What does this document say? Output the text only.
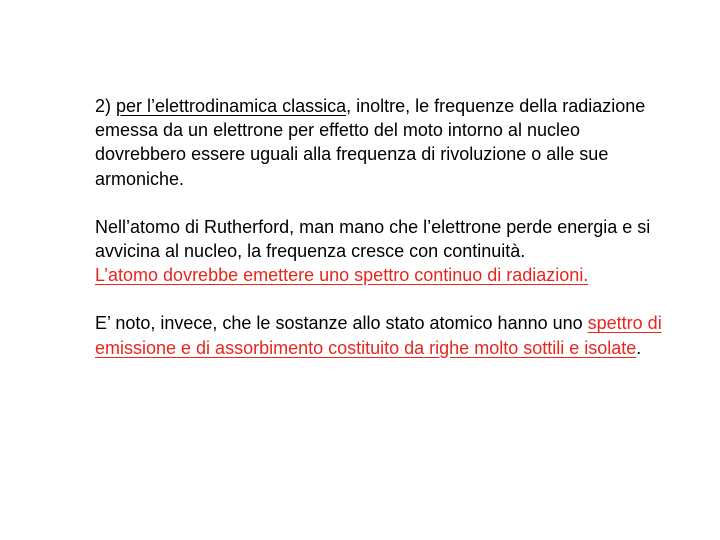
2) per l’elettrodinamica classica, inoltre, le frequenze della radiazione emessa da un elettrone per effetto del moto intorno al nucleo dovrebbero essere uguali alla frequenza di rivoluzione o alle sue armoniche.

Nell’atomo di Rutherford, man mano che l’elettrone perde energia e si avvicina al nucleo, la frequenza cresce con continuità.
L’atomo dovrebbe emettere uno spettro continuo di radiazioni.

E’ noto, invece, che le sostanze allo stato atomico hanno uno spettro di emissione e di assorbimento costituito da righe molto sottili e isolate.
